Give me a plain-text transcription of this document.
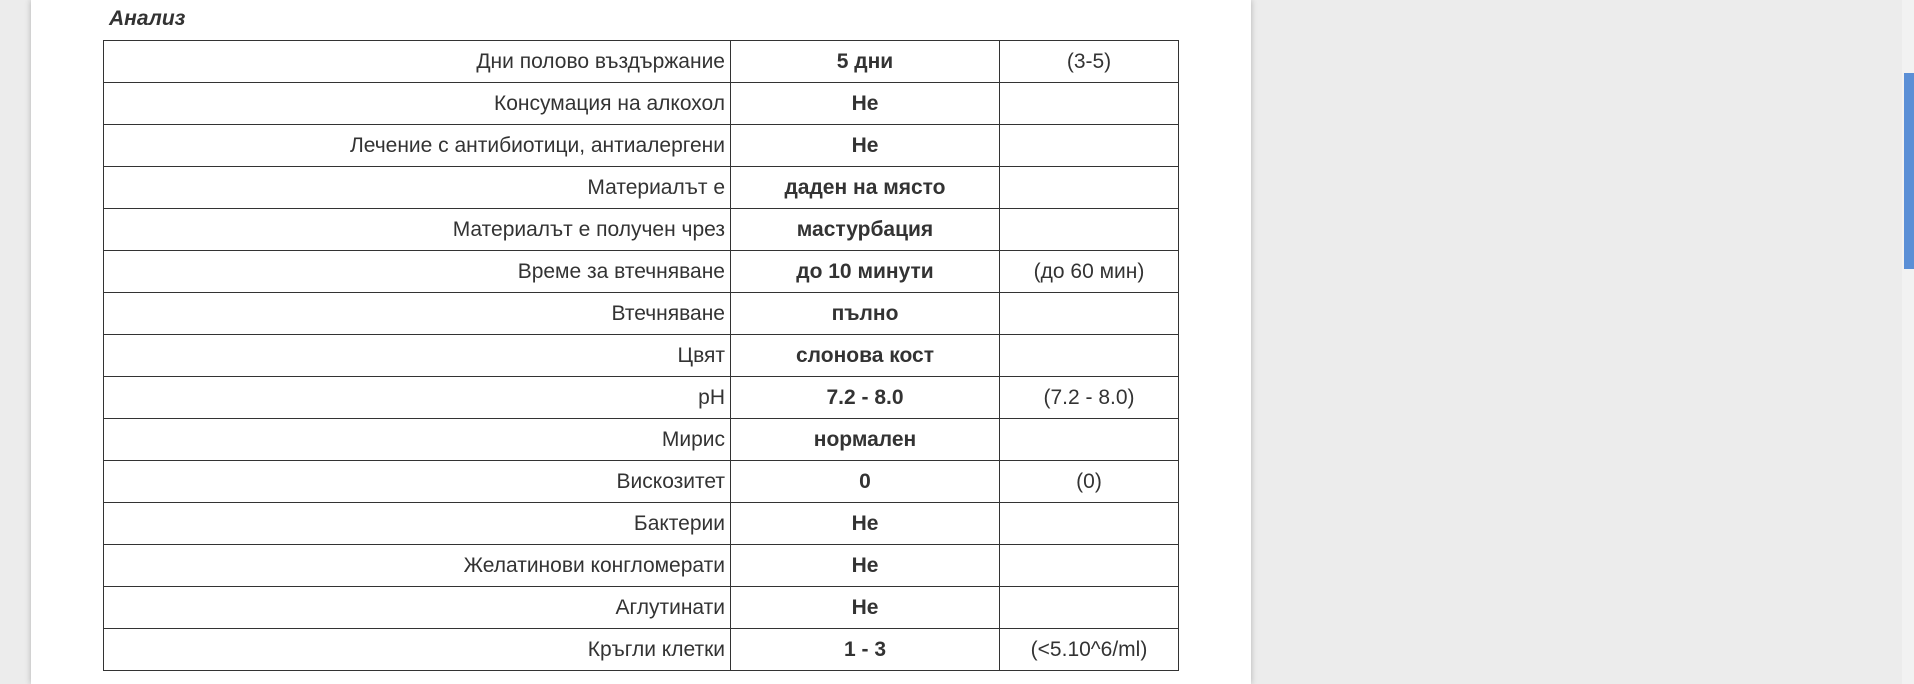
Анализ
Дни полово въздържание	5 дни	(3-5)
Консумация на алкохол	Не	
Лечение с антибиотици, антиалергени	Не	
Материалът е	даден на място	
Материалът е получен чрез	мастурбация	
Време за втечняване	до 10 минути	(до 60 мин)
Втечняване	пълно	
Цвят	слонова кост	
pH	7.2 - 8.0	(7.2 - 8.0)
Мирис	нормален	
Вискозитет	0	(0)
Бактерии	Не	
Желатинови конгломерати	Не	
Аглутинати	Не	
Кръгли клетки	1 - 3	(<5.10^6/ml)
